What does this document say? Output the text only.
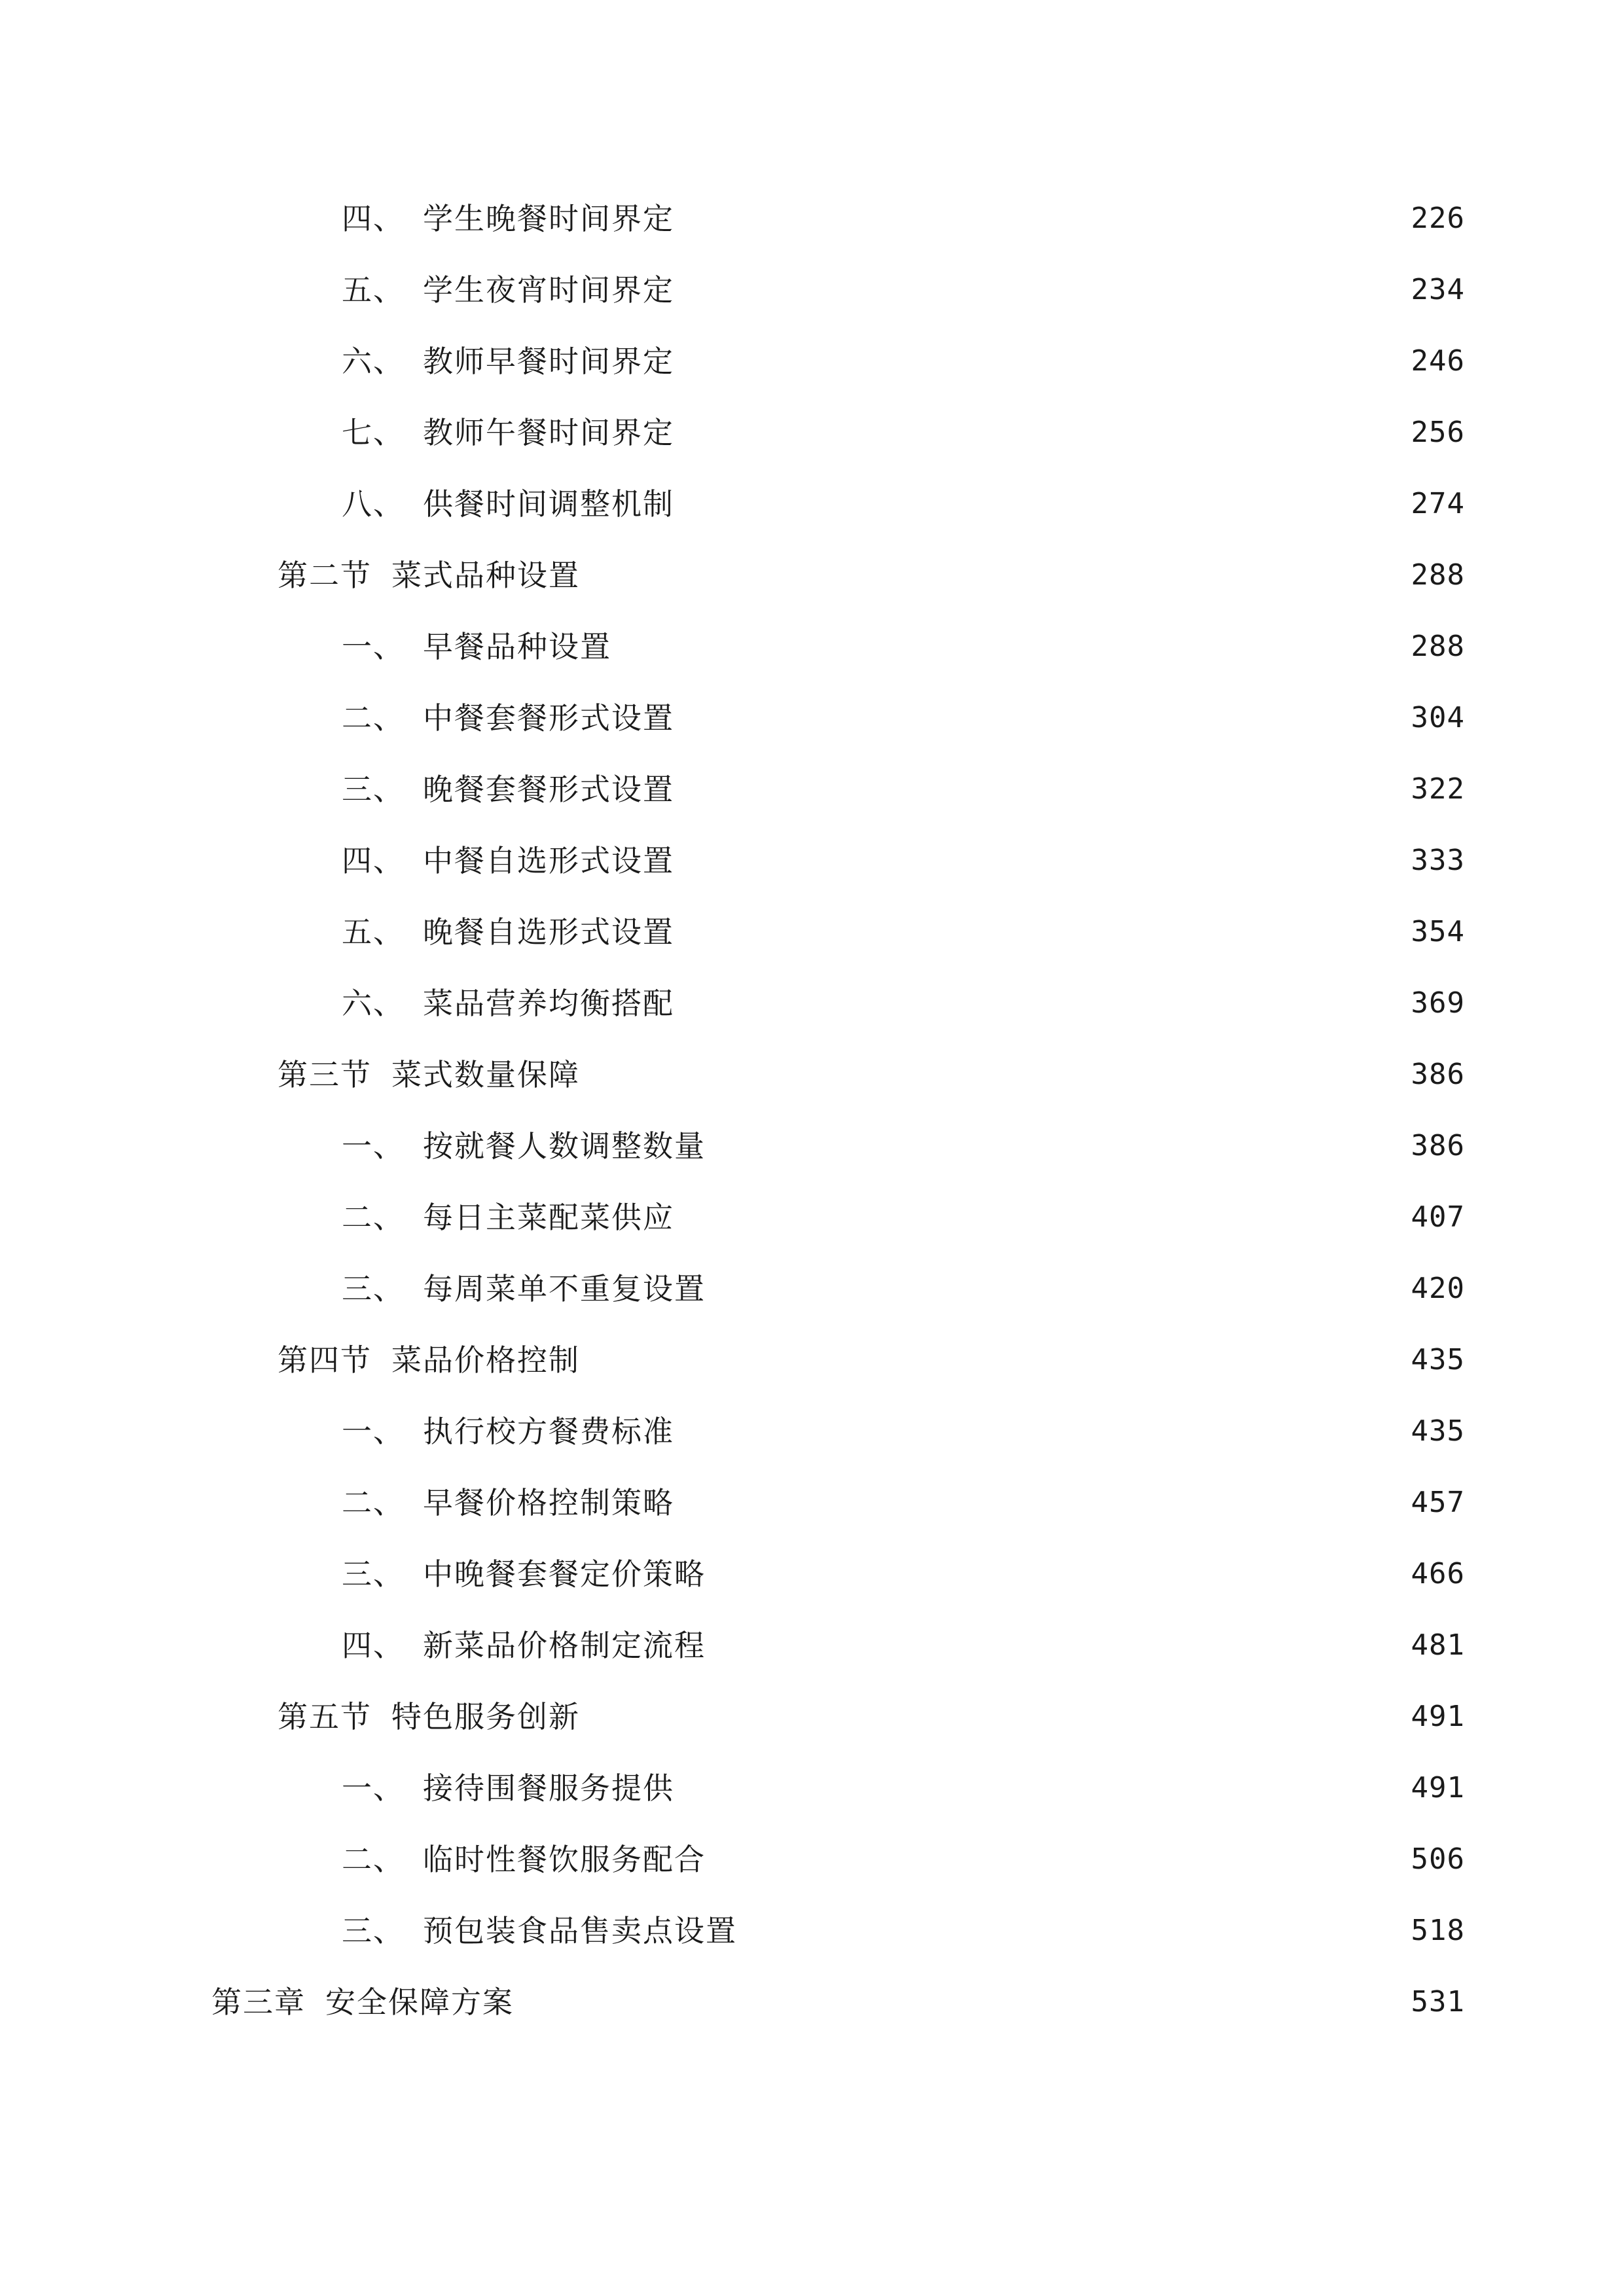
四、 学生晚餐时间界定	226
五、 学生夜宵时间界定	234
六、 教师早餐时间界定	246
七、 教师午餐时间界定	256
八、 供餐时间调整机制	274
第二节 菜式品种设置	288
一、 早餐品种设置	288
二、 中餐套餐形式设置	304
三、 晚餐套餐形式设置	322
四、 中餐自选形式设置	333
五、 晚餐自选形式设置	354
六、 菜品营养均衡搭配	369
第三节 菜式数量保障	386
一、 按就餐人数调整数量	386
二、 每日主菜配菜供应	407
三、 每周菜单不重复设置	420
第四节 菜品价格控制	435
一、 执行校方餐费标准	435
二、 早餐价格控制策略	457
三、 中晚餐套餐定价策略	466
四、 新菜品价格制定流程	481
第五节 特色服务创新	491
一、 接待围餐服务提供	491
二、 临时性餐饮服务配合	506
三、 预包装食品售卖点设置	518
第三章 安全保障方案	531
